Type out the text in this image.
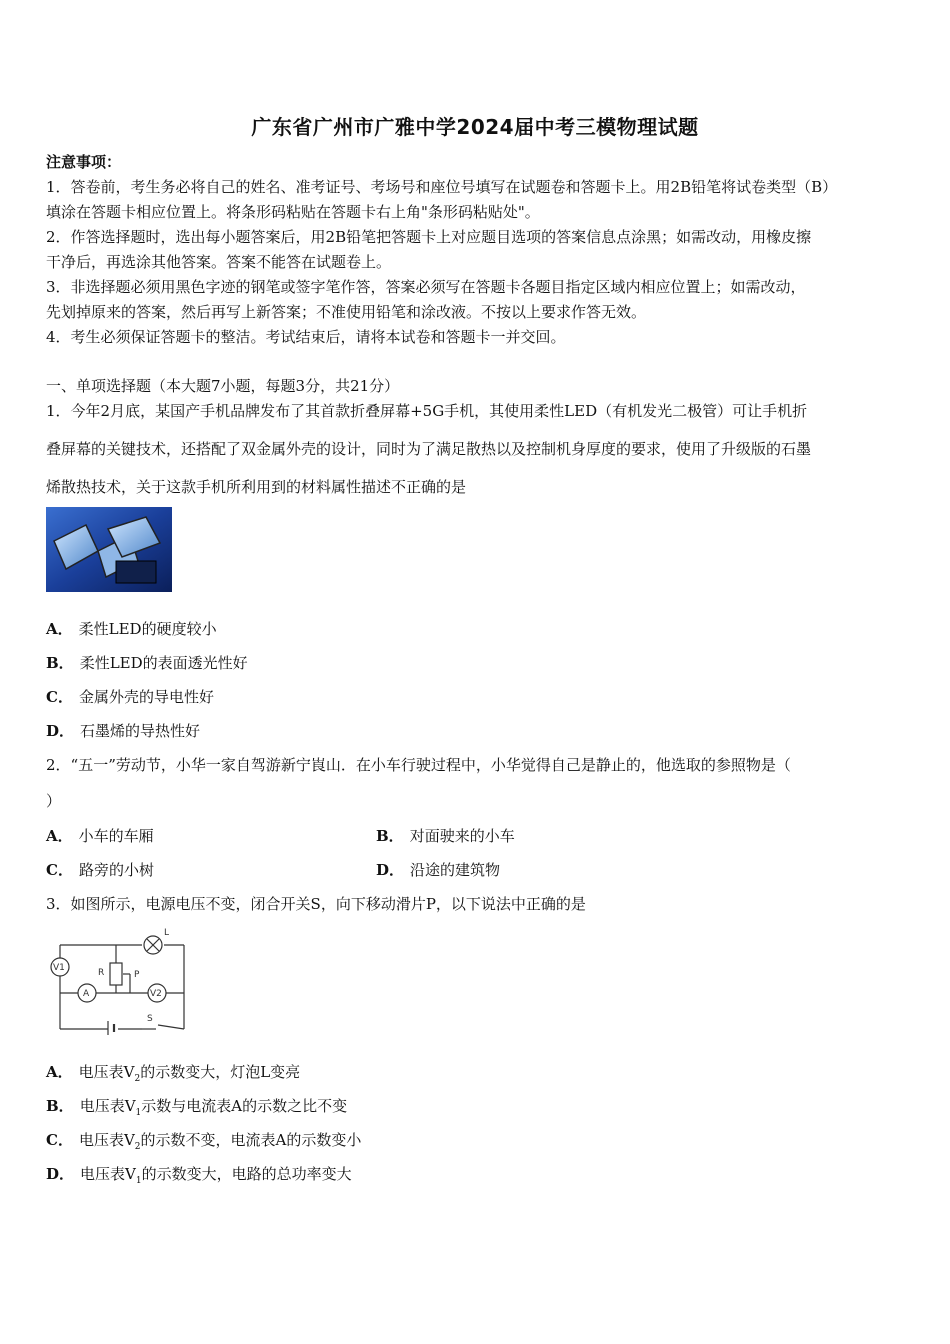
广东省广州市广雅中学2024届中考三模物理试题
注意事项：
1．答卷前，考生务必将自己的姓名、准考证号、考场号和座位号填写在试题卷和答题卡上。用2B铅笔将试卷类型（B）
填涂在答题卡相应位置上。将条形码粘贴在答题卡右上角"条形码粘贴处"。
2．作答选择题时，选出每小题答案后，用2B铅笔把答题卡上对应题目选项的答案信息点涂黑；如需改动，用橡皮擦
干净后，再选涂其他答案。答案不能答在试题卷上。
3．非选择题必须用黑色字迹的钢笔或签字笔作答，答案必须写在答题卡各题目指定区域内相应位置上；如需改动，
先划掉原来的答案，然后再写上新答案；不准使用铅笔和涂改液。不按以上要求作答无效。
4．考生必须保证答题卡的整洁。考试结束后，请将本试卷和答题卡一并交回。
一、单项选择题（本大题7小题，每题3分，共21分）
1．今年2月底，某国产手机品牌发布了其首款折叠屏幕+5G手机，其使用柔性LED（有机发光二极管）可让手机折
叠屏幕的关键技术，还搭配了双金属外壳的设计，同时为了满足散热以及控制机身厚度的要求，使用了升级版的石墨
烯散热技术，关于这款手机所利用到的材料属性描述不正确的是
A． 柔性LED的硬度较小
B． 柔性LED的表面透光性好
C． 金属外壳的导电性好
D． 石墨烯的导热性好
2．“五一”劳动节，小华一家自驾游新宁崀山．在小车行驶过程中，小华觉得自己是静止的，他选取的参照物是（
）
A． 小车的车厢	B． 对面驶来的小车
C． 路旁的小树	D． 沿途的建筑物
3．如图所示，电源电压不变，闭合开关S，向下移动滑片P，以下说法中正确的是
L
V1
A	V2
R	P
S
A． 电压表$V_2$的示数变大，灯泡L变亮
B． 电压表$V_1$示数与电流表A的示数之比不变
C． 电压表$V_2$的示数不变，电流表A的示数变小
D． 电压表$V_1$的示数变大，电路的总功率变大
